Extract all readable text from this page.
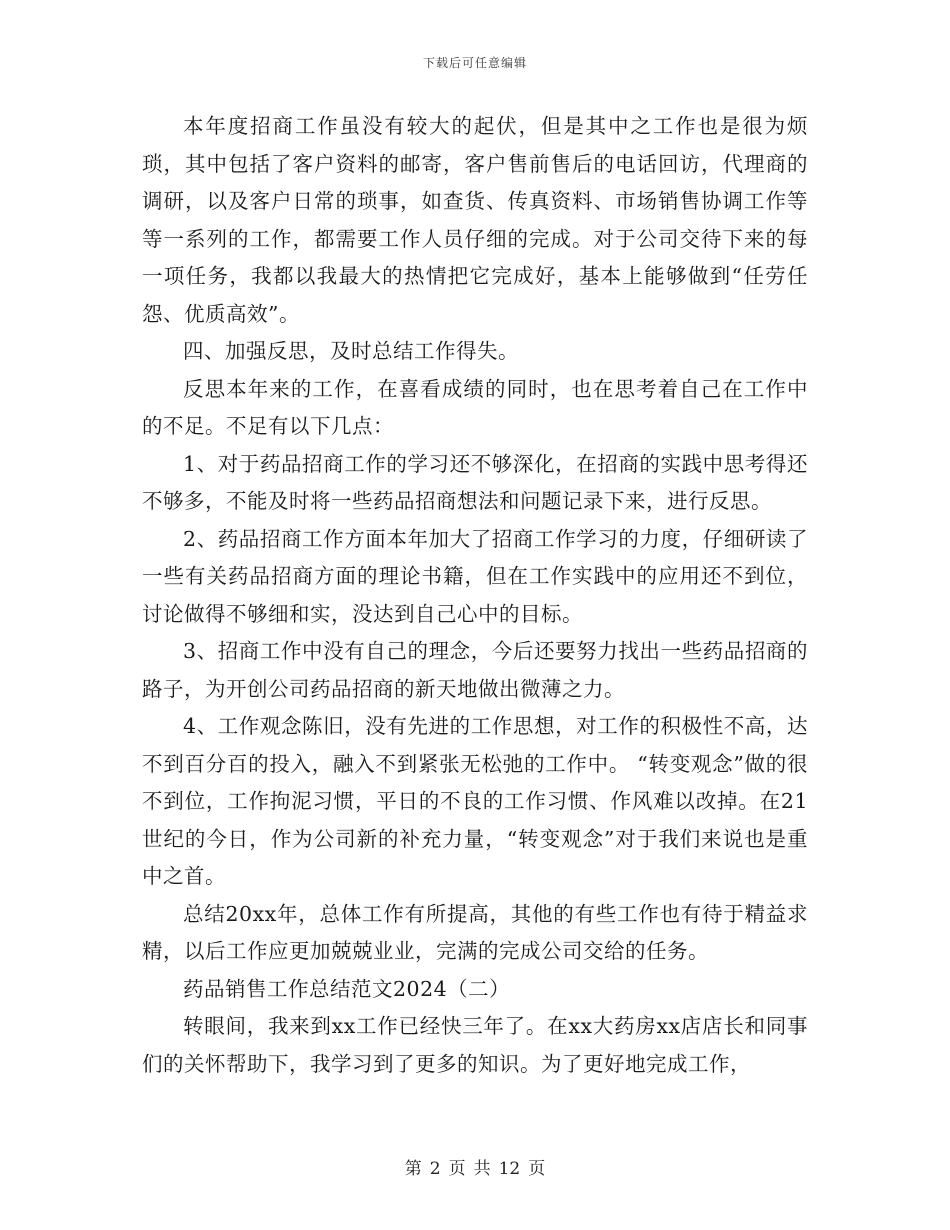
下载后可任意编辑

本年度招商工作虽没有较大的起伏，但是其中之工作也是很为烦琐，其中包括了客户资料的邮寄，客户售前售后的电话回访，代理商的调研，以及客户日常的琐事，如查货、传真资料、市场销售协调工作等等一系列的工作，都需要工作人员仔细的完成。对于公司交待下来的每一项任务，我都以我最大的热情把它完成好，基本上能够做到“任劳任怨、优质高效”。

四、加强反思，及时总结工作得失。

反思本年来的工作，在喜看成绩的同时，也在思考着自己在工作中的不足。不足有以下几点：

1、对于药品招商工作的学习还不够深化，在招商的实践中思考得还不够多，不能及时将一些药品招商想法和问题记录下来，进行反思。

2、药品招商工作方面本年加大了招商工作学习的力度，仔细研读了一些有关药品招商方面的理论书籍，但在工作实践中的应用还不到位，讨论做得不够细和实，没达到自己心中的目标。

3、招商工作中没有自己的理念，今后还要努力找出一些药品招商的路子，为开创公司药品招商的新天地做出微薄之力。

4、工作观念陈旧，没有先进的工作思想，对工作的积极性不高，达不到百分百的投入，融入不到紧张无松弛的工作中。 “转变观念”做的很不到位，工作拘泥习惯，平日的不良的工作习惯、作风难以改掉。在21世纪的今日，作为公司新的补充力量，“转变观念”对于我们来说也是重中之首。

总结20xx年，总体工作有所提高，其他的有些工作也有待于精益求精，以后工作应更加兢兢业业，完满的完成公司交给的任务。

药品销售工作总结范文2024（二）

转眼间，我来到xx工作已经快三年了。在xx大药房xx店店长和同事们的关怀帮助下，我学习到了更多的知识。为了更好地完成工作，

第 2 页 共 12 页
